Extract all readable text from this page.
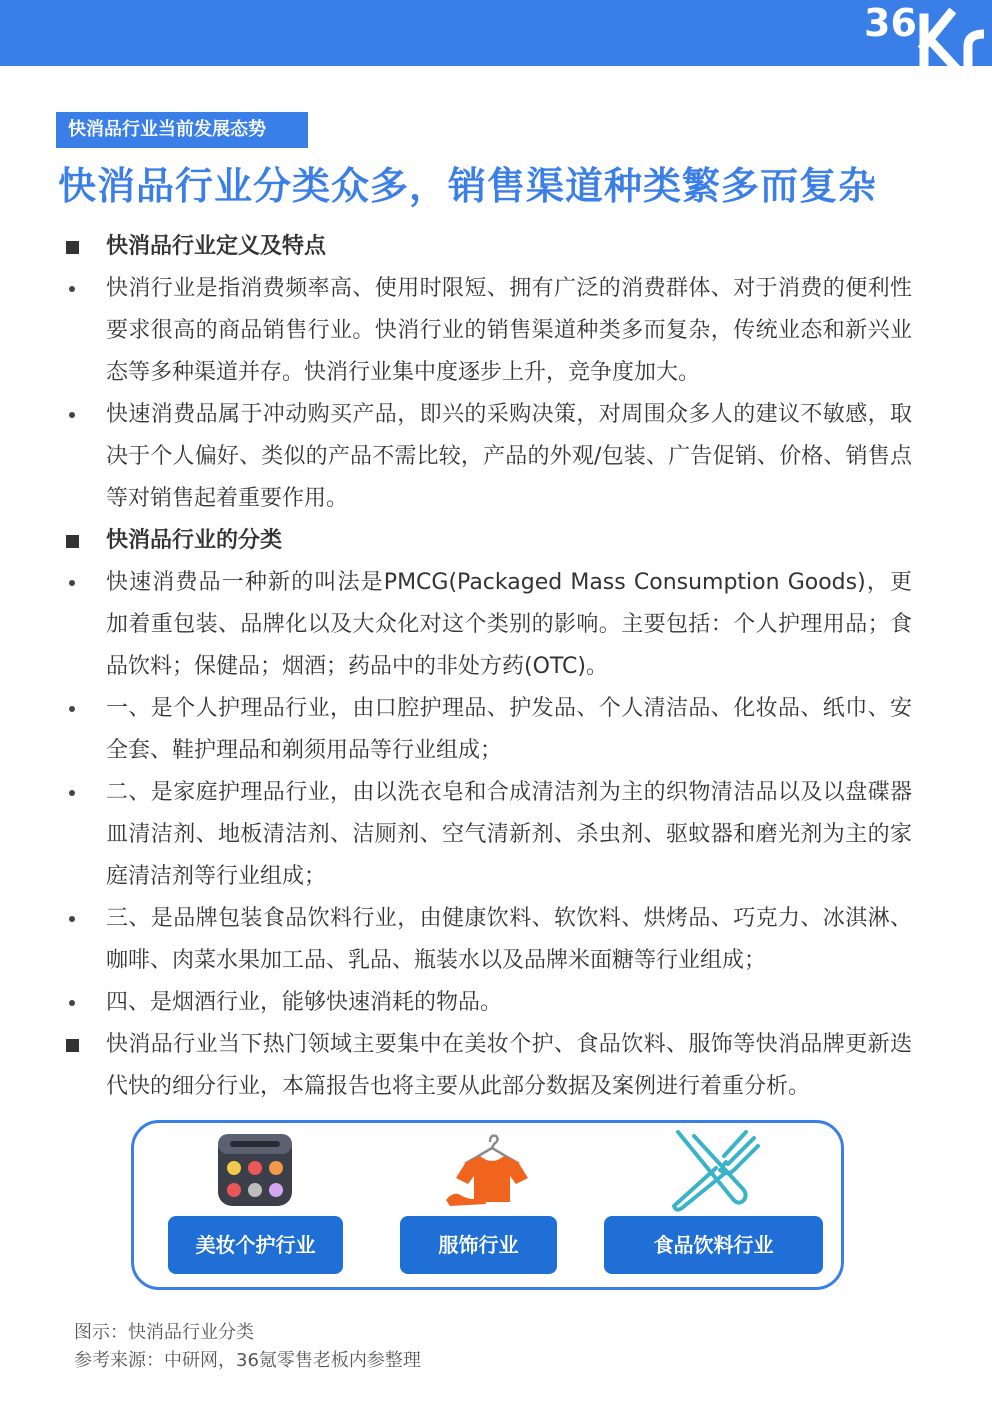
36
快消品行业当前发展态势
快消品行业分类众多，销售渠道种类繁多而复杂
快消品行业定义及特点
快消行业是指消费频率高、使用时限短、拥有广泛的消费群体、对于消费的便利性要求很高的商品销售行业。快消行业的销售渠道种类多而复杂，传统业态和新兴业态等多种渠道并存。快消行业集中度逐步上升，竞争度加大。
快速消费品属于冲动购买产品，即兴的采购决策，对周围众多人的建议不敏感，取决于个人偏好、类似的产品不需比较，产品的外观/包装、广告促销、价格、销售点等对销售起着重要作用。
快消品行业的分类
快速消费品一种新的叫法是PMCG(Packaged Mass Consumption Goods)，更加着重包装、品牌化以及大众化对这个类别的影响。主要包括：个人护理用品；食品饮料；保健品；烟酒；药品中的非处方药(OTC)。
一、是个人护理品行业，由口腔护理品、护发品、个人清洁品、化妆品、纸巾、安全套、鞋护理品和剃须用品等行业组成；
二、是家庭护理品行业，由以洗衣皂和合成清洁剂为主的织物清洁品以及以盘碟器皿清洁剂、地板清洁剂、洁厕剂、空气清新剂、杀虫剂、驱蚊器和磨光剂为主的家庭清洁剂等行业组成；
三、是品牌包装食品饮料行业，由健康饮料、软饮料、烘烤品、巧克力、冰淇淋、咖啡、肉菜水果加工品、乳品、瓶装水以及品牌米面糖等行业组成；
四、是烟酒行业，能够快速消耗的物品。
快消品行业当下热门领域主要集中在美妆个护、食品饮料、服饰等快消品牌更新迭代快的细分行业，本篇报告也将主要从此部分数据及案例进行着重分析。
美妆个护行业	服饰行业	食品饮料行业
图示：快消品行业分类
参考来源：中研网，36氪零售老板内参整理
